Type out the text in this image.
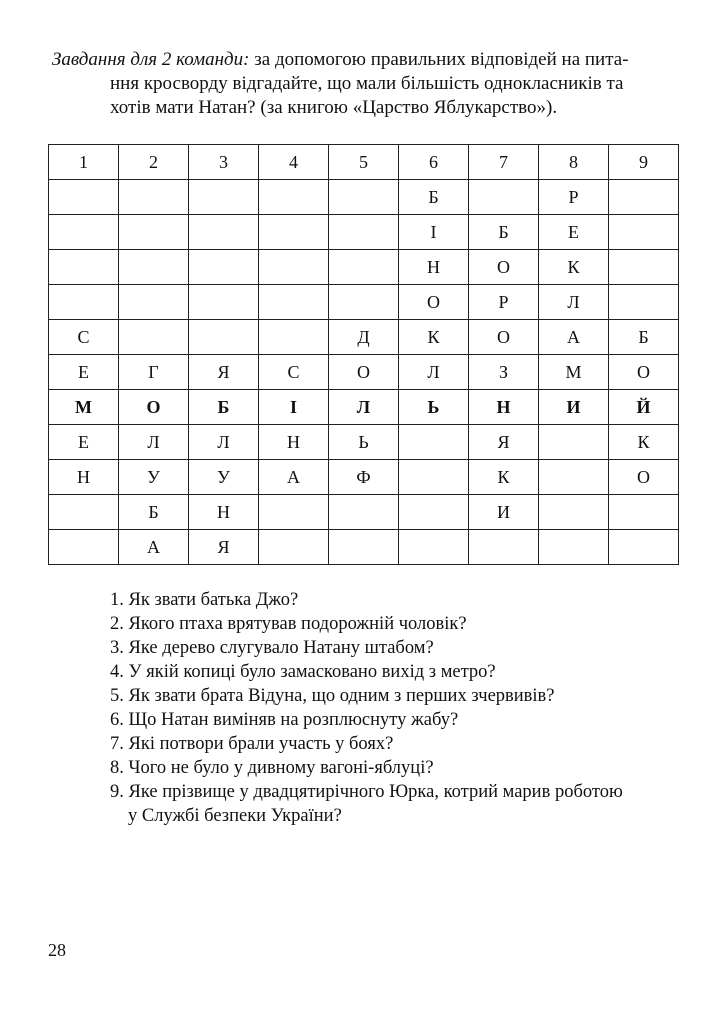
Завдання для 2 команди: за допомогою правильних відповідей на пита-
ння кросворду відгадайте, що мали більшість однокласників та
хотів мати Натан? (за книгою «Царство Яблукарство»).
1	2	3	4	5	6	7	8	9
					Б		Р	
					І	Б	Е	
					Н	О	К	
					О	Р	Л	
С				Д	К	О	А	Б
Е	Г	Я	С	О	Л	З	М	О
М	О	Б	І	Л	Ь	Н	И	Й
Е	Л	Л	Н	Ь		Я		К
Н	У	У	А	Ф		К		О
	Б	Н				И		
	А	Я						
1. Як звати батька Джо?
2. Якого птаха врятував подорожній чоловік?
3. Яке дерево слугувало Натану штабом?
4. У якій копиці було замасковано вихід з метро?
5. Як звати брата Відуна, що одним з перших зчервивів?
6. Що Натан виміняв на розплюснуту жабу?
7. Які потвори брали участь у боях?
8. Чого не було у дивному вагоні-яблуці?
9. Яке прізвище у двадцятирічного Юрка, котрий марив роботою
у Службі безпеки України?
28
